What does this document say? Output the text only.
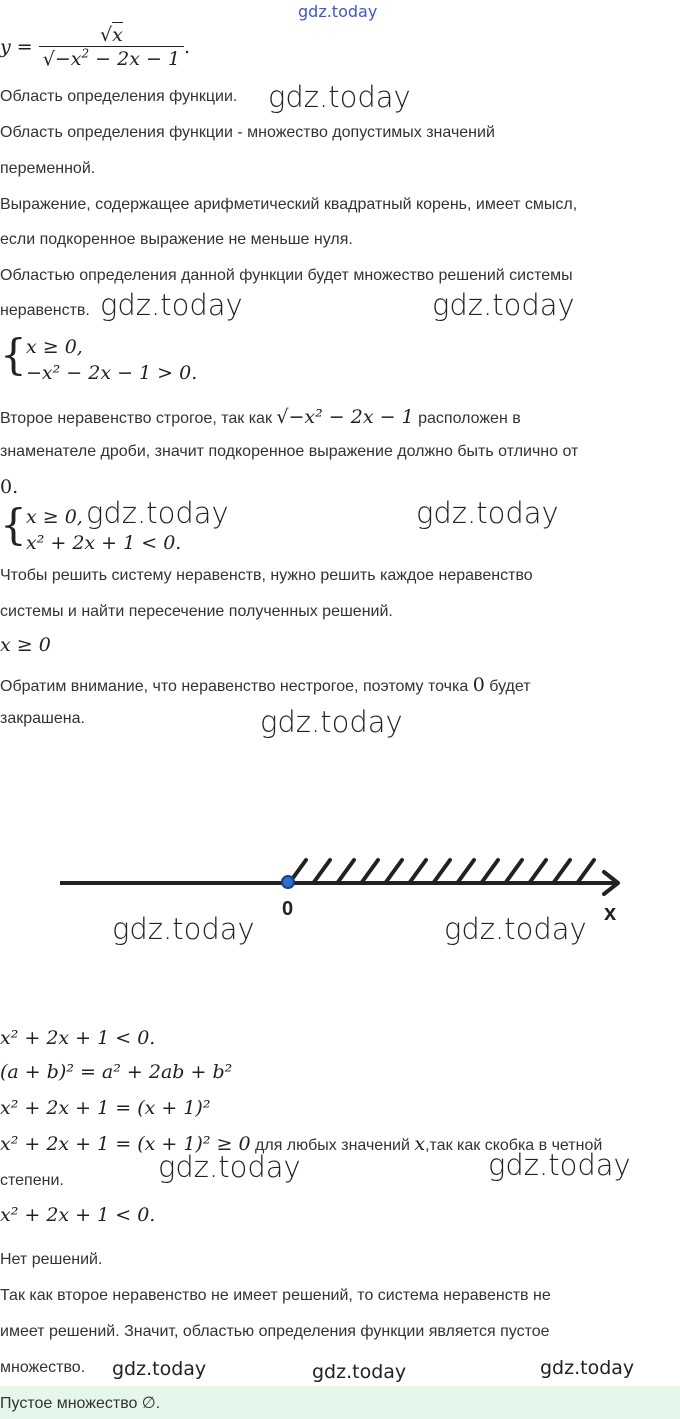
gdz.today
$y = \frac{√x}{√-x^2 - 2x - 1}$ .
Область определения функции. gdz.today
Область определения функции - множество допустимых значений
переменной.
Выражение, содержащее арифметический квадратный корень, имеет смысл,
если подкоренное выражение не меньше нуля.
Областью определения данной функции будет множество решений системы
неравенств. gdz.today	gdz.today
{ x ≥ 0,
−x² − 2x − 1 > 0.
Второе неравенство строгое, так как √−x² − 2x − 1 расположен в
знаменателе дроби, значит подкоренное выражение должно быть отлично от
0.
{ x ≥ 0,
x² + 2x + 1 < 0.
gdz.today	gdz.today
Чтобы решить систему неравенств, нужно решить каждое неравенство
системы и найти пересечение полученных решений.
x ≥ 0
Обратим внимание, что неравенство нестрогое, поэтому точка 0 будет
закрашена.	gdz.today
0	x
gdz.today	gdz.today
x² + 2x + 1 < 0.
(a + b)² = a² + 2ab + b²
x² + 2x + 1 = (x + 1)²
x² + 2x + 1 = (x + 1)² ≥ 0 для любых значений x,так как скобка в четной
степени.	gdz.today	gdz.today
x² + 2x + 1 < 0.
Нет решений.
Так как второе неравенство не имеет решений, то система неравенств не
имеет решений. Значит, областью определения функции является пустое
множество. gdz.today	gdz.today	gdz.today
Пустое множество ∅.
